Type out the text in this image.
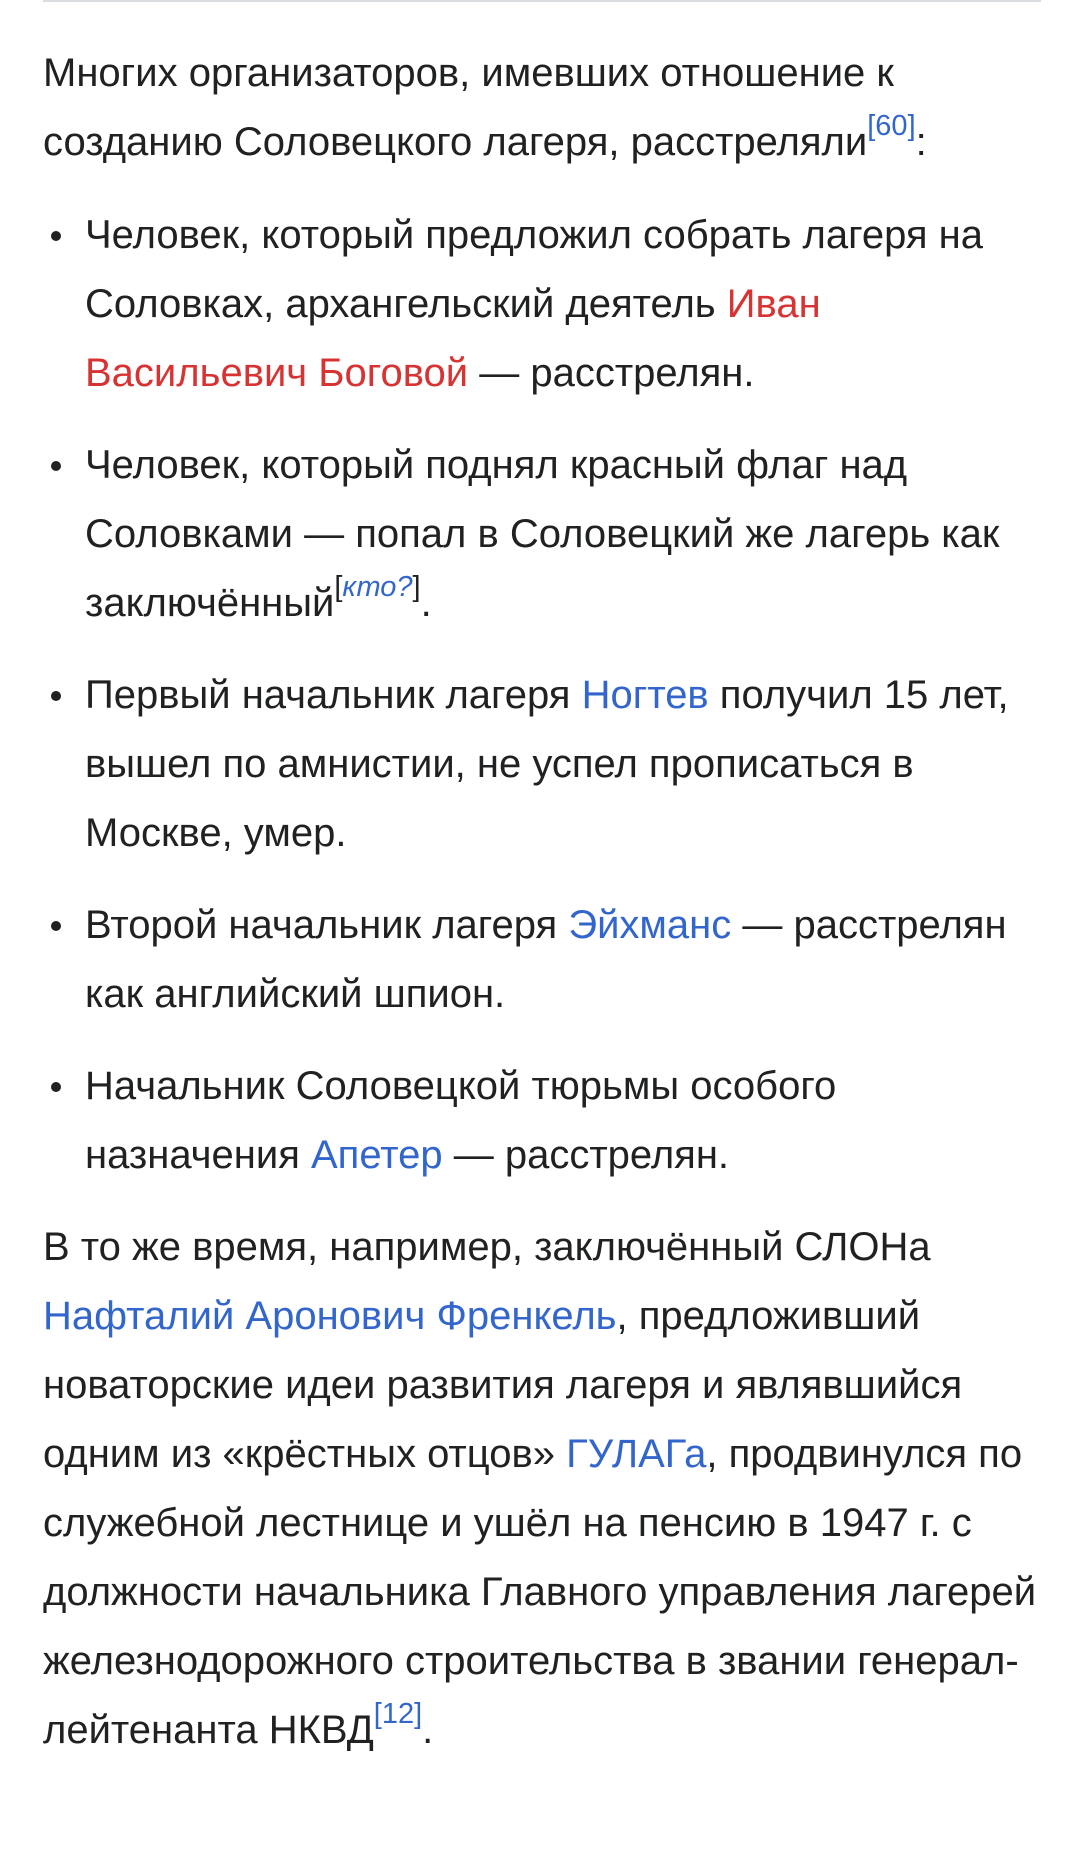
Многих организаторов, имевших отношение к созданию Соловецкого лагеря, расстреляли[60]:

Человек, который предложил собрать лагеря на Соловках, архангельский деятель Иван Васильевич Боговой — расстрелян.
Человек, который поднял красный флаг над Соловками — попал в Соловецкий же лагерь как заключённый[кто?].
Первый начальник лагеря Ногтев получил 15 лет, вышел по амнистии, не успел прописаться в Москве, умер.
Второй начальник лагеря Эйхманс — расстрелян как английский шпион.
Начальник Соловецкой тюрьмы особого назначения Апетер — расстрелян.

В то же время, например, заключённый СЛОНа Нафталий Аронович Френкель, предложивший новаторские идеи развития лагеря и являвшийся одним из «крёстных отцов» ГУЛАГа, продвинулся по служебной лестнице и ушёл на пенсию в 1947 г. с должности начальника Главного управления лагерей железнодорожного строительства в звании генерал-лейтенанта НКВД[12].
